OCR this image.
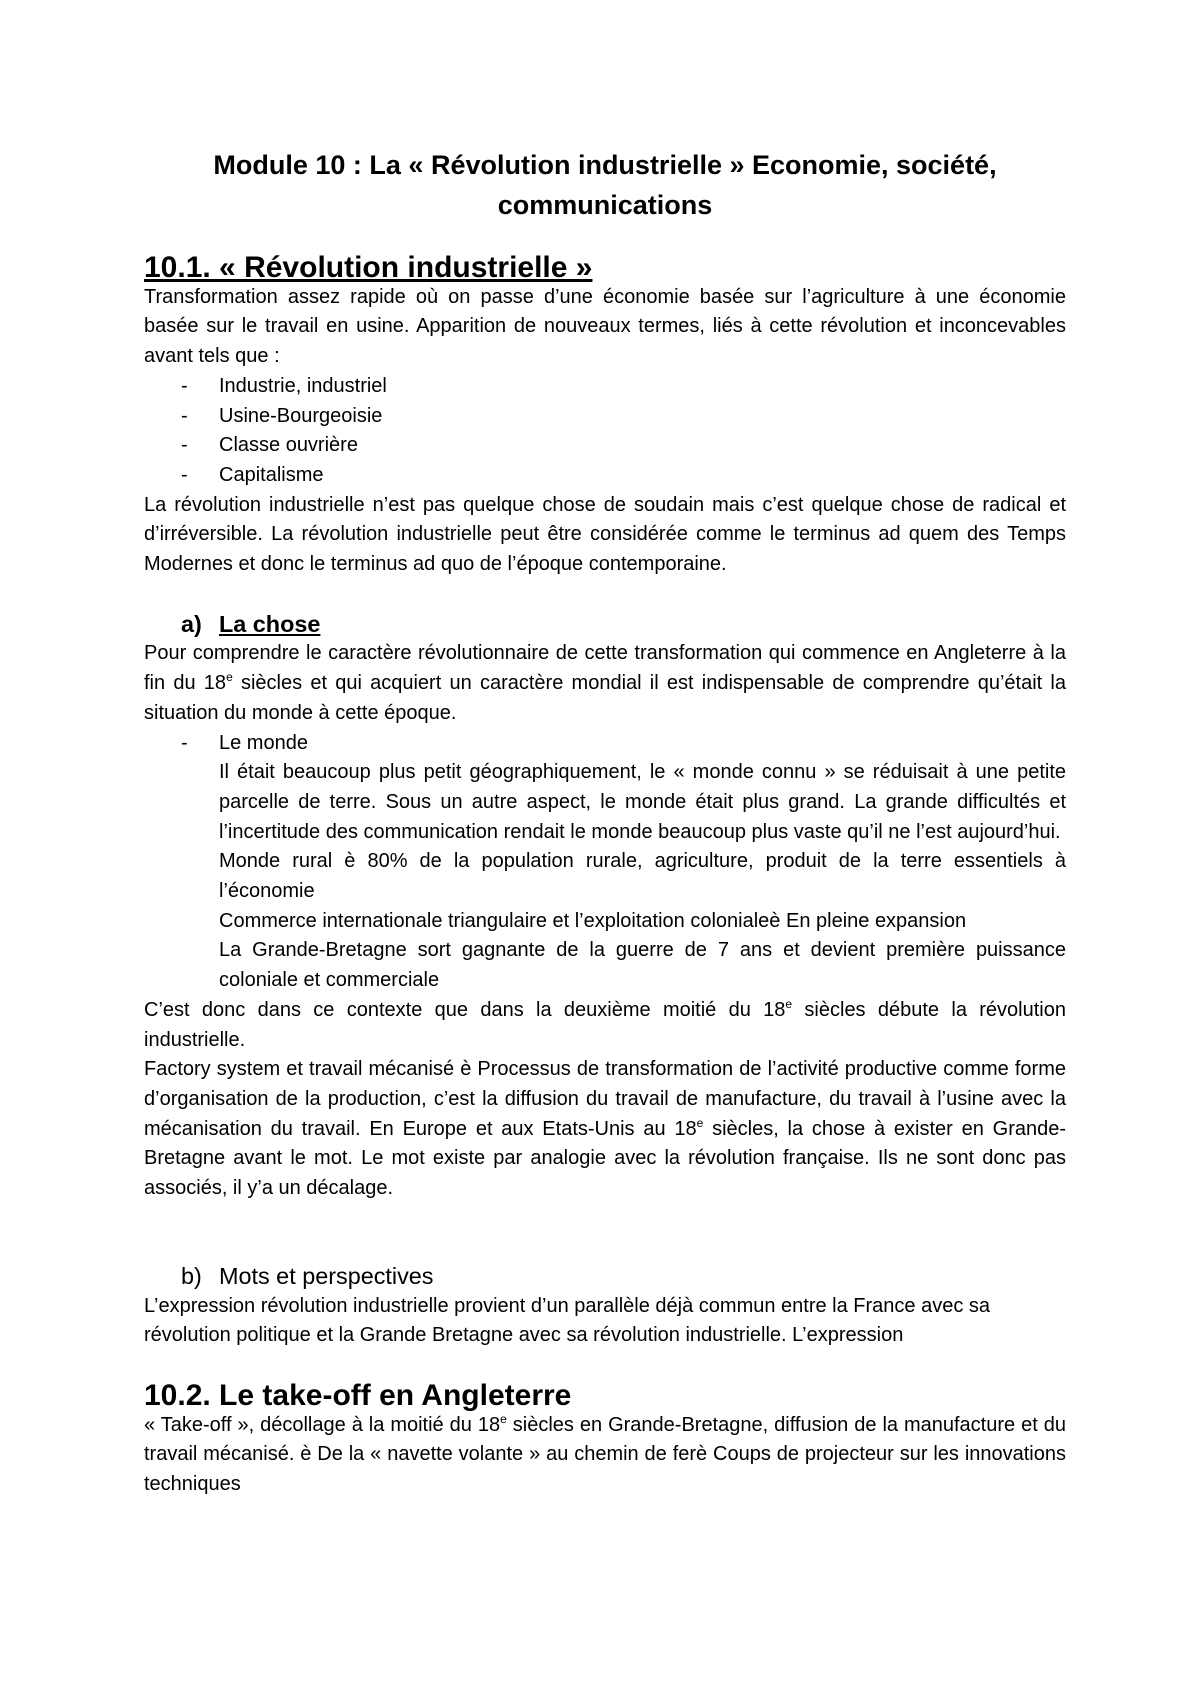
Module 10 : La « Révolution industrielle » Economie, société, communications
10.1. « Révolution industrielle »

Transformation assez rapide où on passe d’une économie basée sur l’agriculture à une économie basée sur le travail en usine. Apparition de nouveaux termes, liés à cette révolution et inconcevables avant tels que :

- Industrie, industriel
- Usine-Bourgeoisie
- Classe ouvrière
- Capitalisme

La révolution industrielle n’est pas quelque chose de soudain mais c’est quelque chose de radical et d’irréversible. La révolution industrielle peut être considérée comme le terminus ad quem des Temps Modernes et donc le terminus ad quo de l’époque contemporaine.

a) La chose

Pour comprendre le caractère révolutionnaire de cette transformation qui commence en Angleterre à la fin du 18e siècles et qui acquiert un caractère mondial il est indispensable de comprendre qu’était la situation du monde à cette époque.

- Le monde

Il était beaucoup plus petit géographiquement, le « monde connu » se réduisait à une petite parcelle de terre. Sous un autre aspect, le monde était plus grand. La grande difficultés et l’incertitude des communication rendait le monde beaucoup plus vaste qu’il ne l’est aujourd’hui.

Monde rural è 80% de la population rurale, agriculture, produit de la terre essentiels à l’économie

Commerce internationale triangulaire et l’exploitation colonialeè En pleine expansion

La Grande-Bretagne sort gagnante de la guerre de 7 ans et devient première puissance coloniale et commerciale

C’est donc dans ce contexte que dans la deuxième moitié du 18e siècles débute la révolution industrielle.

Factory system et travail mécanisé è Processus de transformation de l’activité productive comme forme d’organisation de la production, c’est la diffusion du travail de manufacture, du travail à l’usine avec la mécanisation du travail. En Europe et aux Etats-Unis au 18e siècles, la chose à exister en Grande-Bretagne avant le mot. Le mot existe par analogie avec la révolution française. Ils ne sont donc pas associés, il y’a un décalage.

b) Mots et perspectives

L’expression révolution industrielle provient d’un parallèle déjà commun entre la France avec sa révolution politique et la Grande Bretagne avec sa révolution industrielle. L’expression

10.2. Le take-off en Angleterre

« Take-off », décollage à la moitié du 18e siècles en Grande-Bretagne, diffusion de la manufacture et du travail mécanisé. è De la « navette volante » au chemin de ferè Coups de projecteur sur les innovations techniques
